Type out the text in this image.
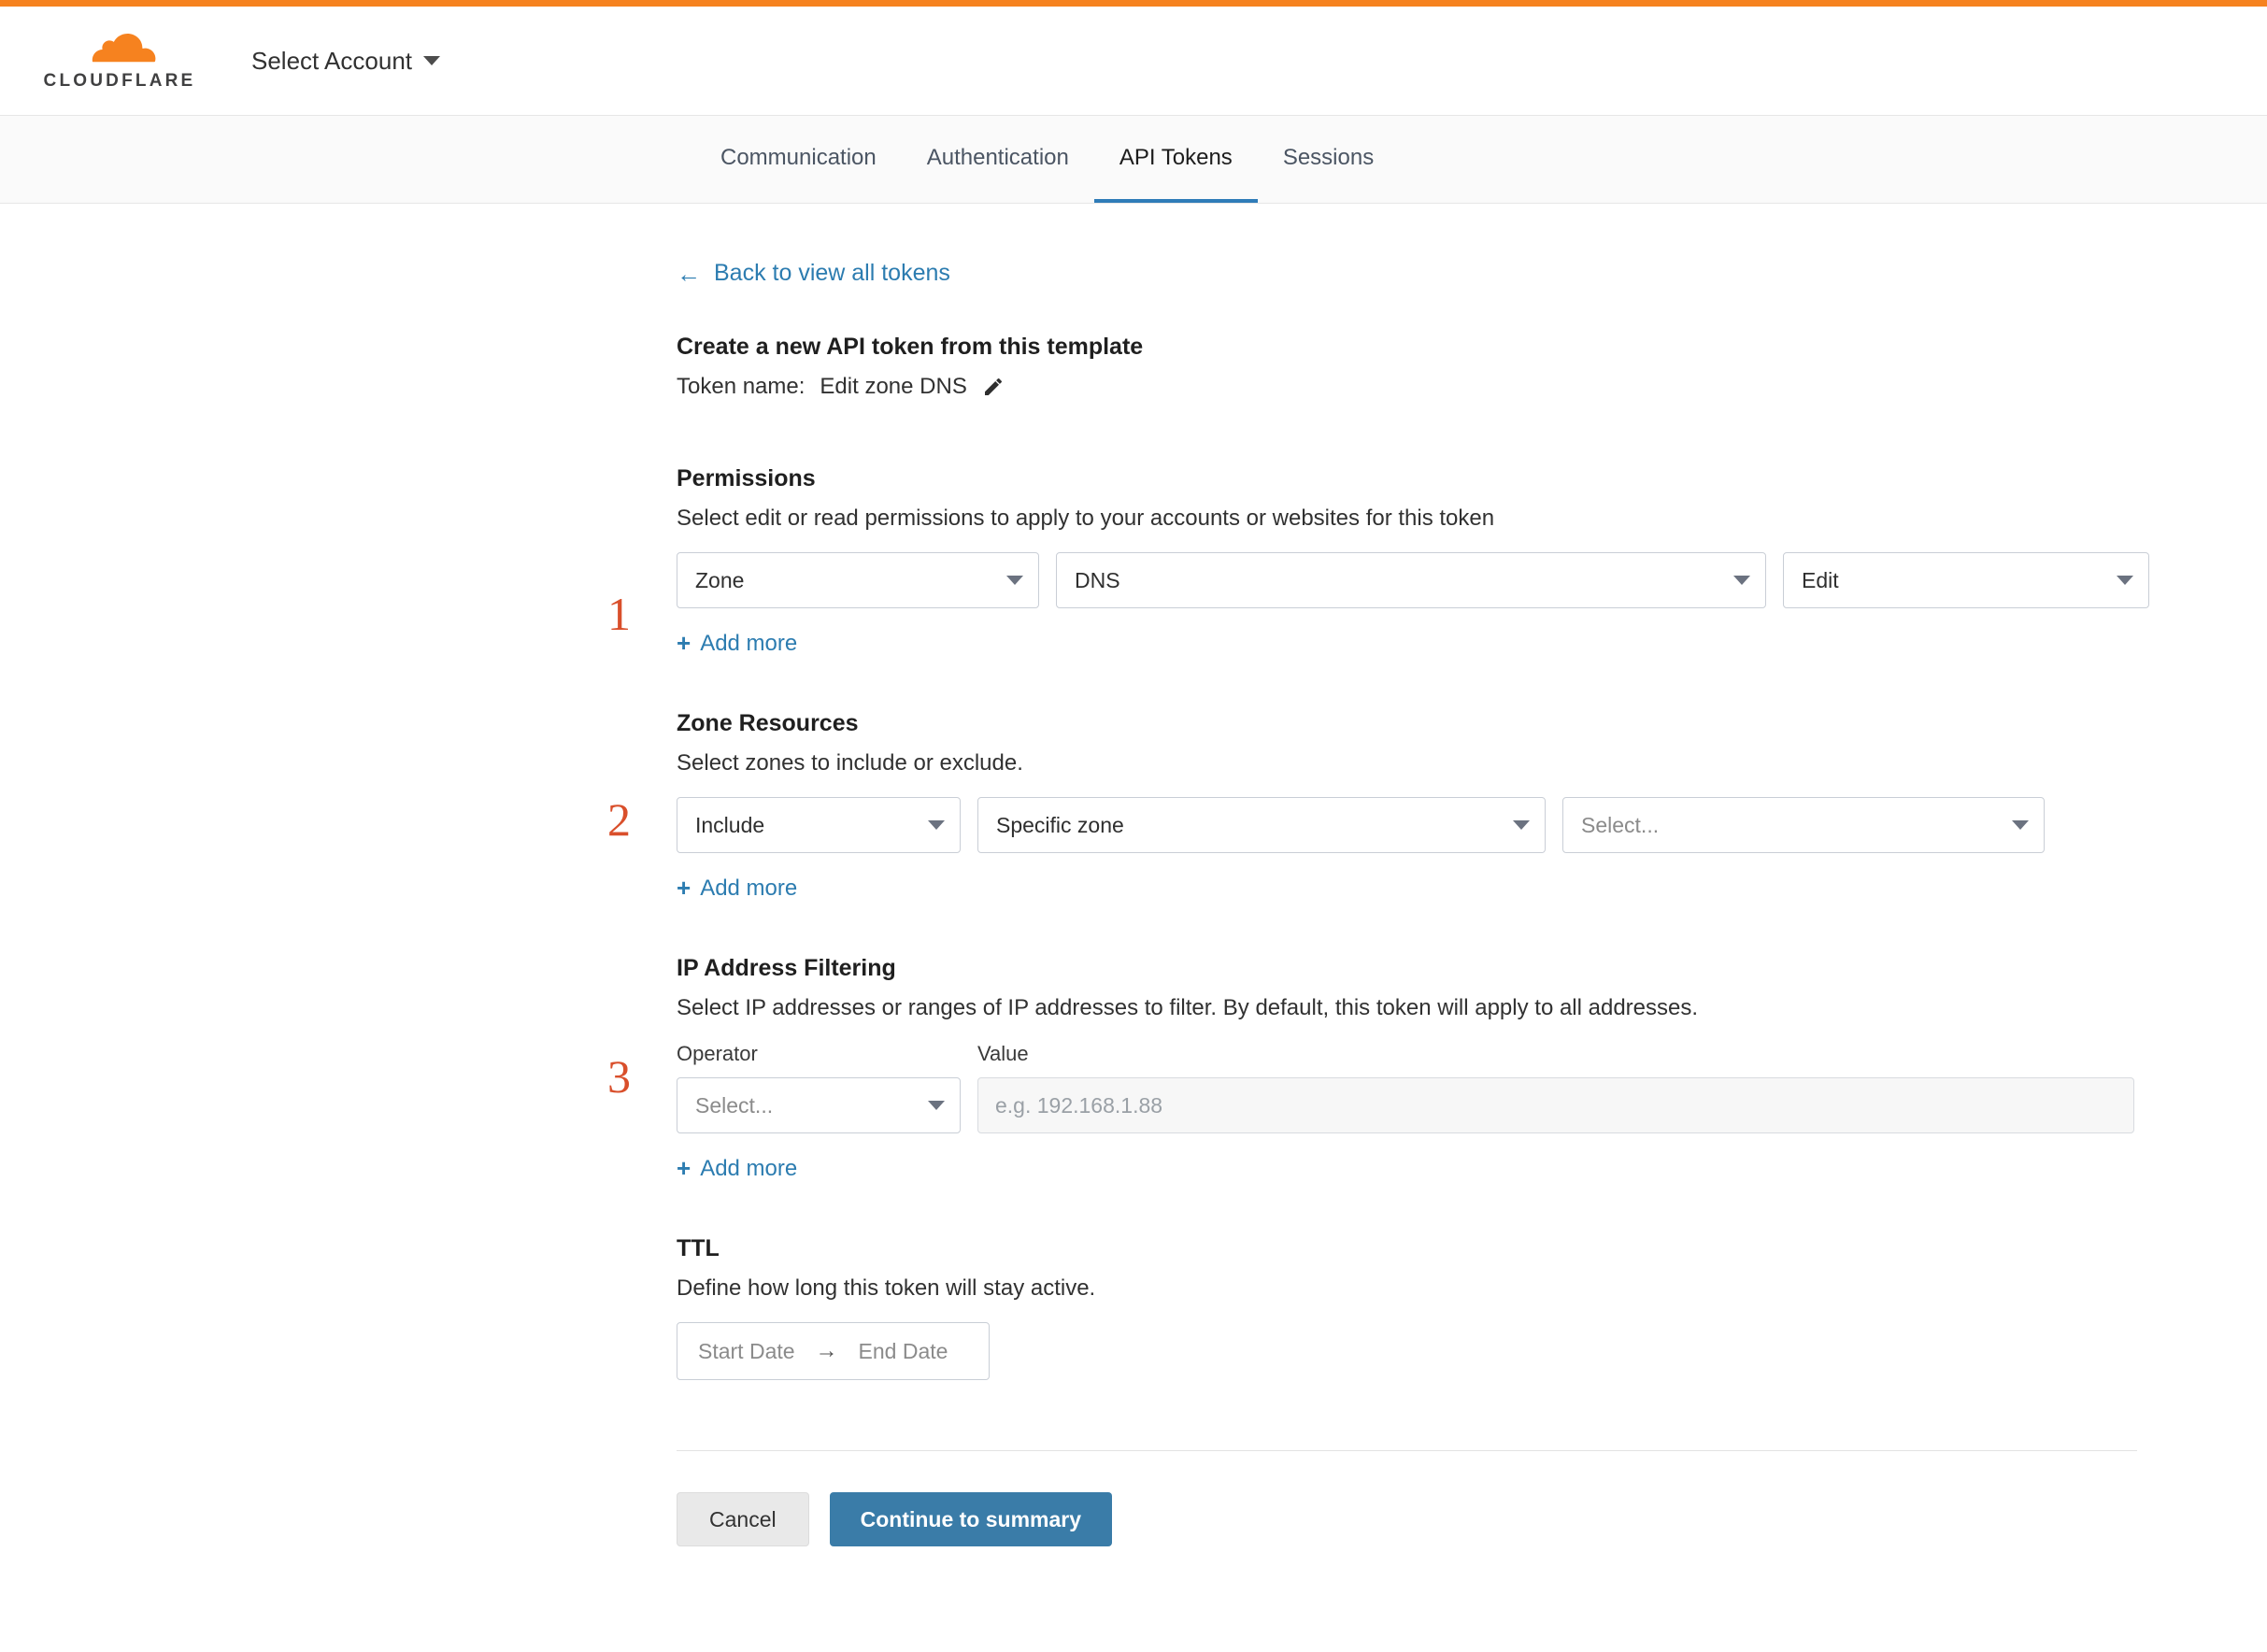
CLOUDFLARE
Select Account
Communication	Authentication	API Tokens	Sessions
← Back to view all tokens
1
Create a new API token from this template
Token name: Edit zone DNS
2
Permissions

Select edit or read permissions to apply to your accounts or websites for this token

Zone	DNS	Edit
+ Add more
3
Zone Resources

Select zones to include or exclude.

Include	Specific zone	Select...
+ Add more
IP Address Filtering

Select IP addresses or ranges of IP addresses to filter. By default, this token will apply to all addresses.

Operator	Value
Select...	e.g. 192.168.1.88
+ Add more
TTL

Define how long this token will stay active.

Start Date → End Date
Cancel	Continue to summary
